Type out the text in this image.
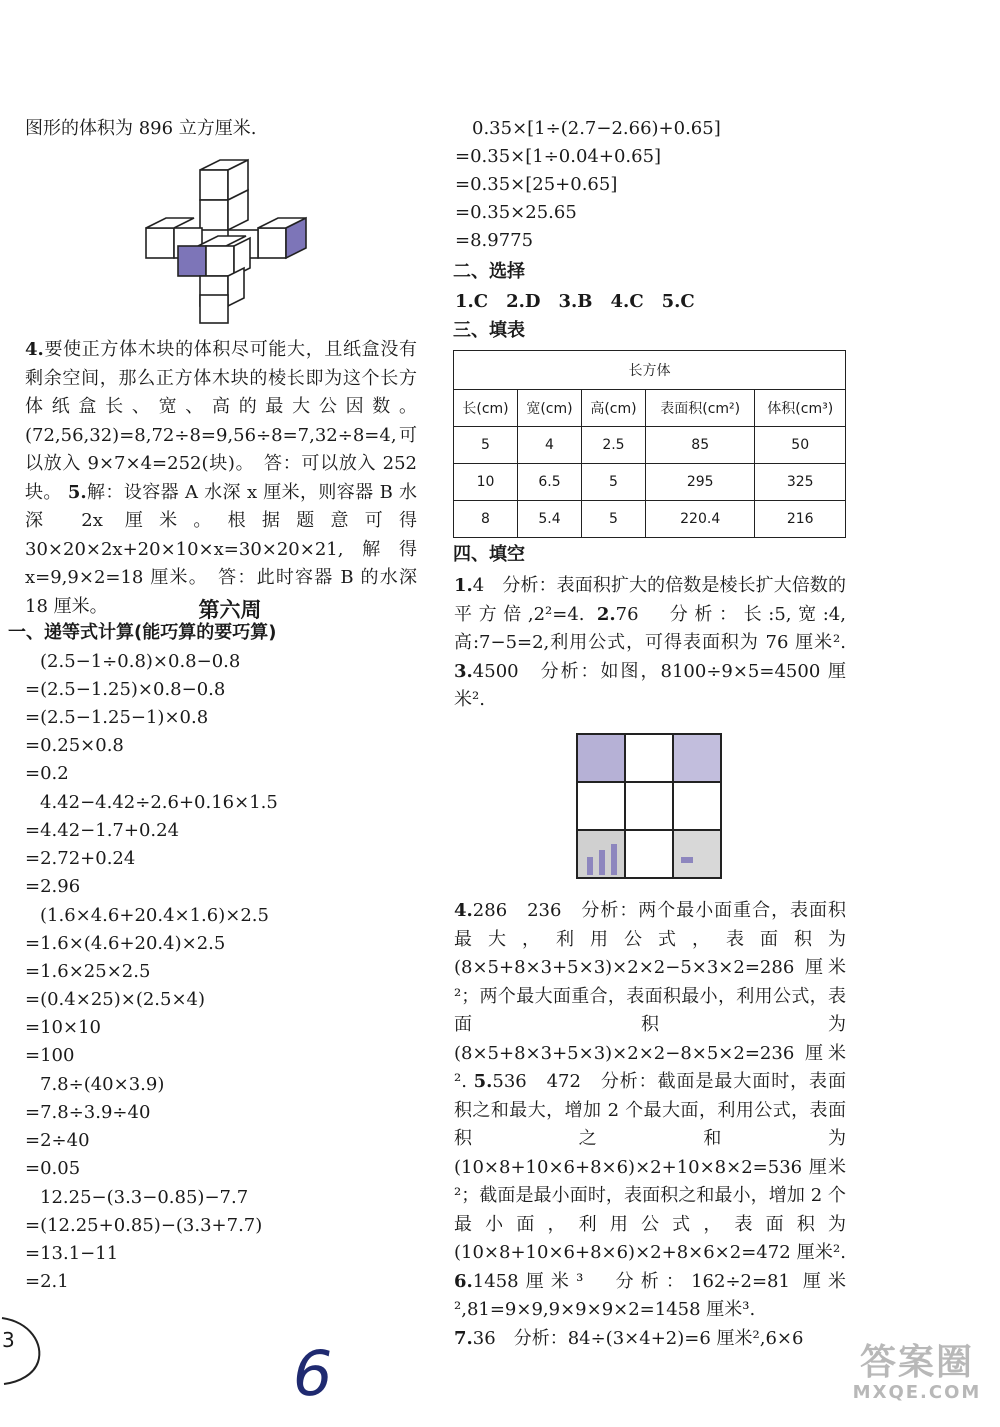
图形的体积为 896 立方厘米.
4.要使正方体木块的体积尽可能大，且纸盒没有剩余空间，那么正方体木块的棱长即为这个长方体纸盒长、宽、高的最大公因数。(72,56,32)=8,72÷8=9,56÷8=7,32÷8=4,可以放入 9×7×4=252(块)。　答：可以放入 252 块。 5.解：设容器 A 水深 x 厘米，则容器 B 水深 2x 厘米。根据题意可得 30×20×2x+20×10×x=30×20×21,解得 x=9,9×2=18 厘米。　答：此时容器 B 的水深 18 厘米。	第六周
一、递等式计算(能巧算的要巧算)
(2.5−1÷0.8)×0.8−0.8
=(2.5−1.25)×0.8−0.8
=(2.5−1.25−1)×0.8
=0.25×0.8
=0.2
4.42−4.42÷2.6+0.16×1.5
=4.42−1.7+0.24
=2.72+0.24
=2.96
(1.6×4.6+20.4×1.6)×2.5
=1.6×(4.6+20.4)×2.5
=1.6×25×2.5
=(0.4×25)×(2.5×4)
=10×10
=100
7.8÷(40×3.9)
=7.8÷3.9÷40
=2÷40
=0.05
12.25−(3.3−0.85)−7.7
=(12.25+0.85)−(3.3+7.7)
=13.1−11
=2.1
0.35×[1÷(2.7−2.66)+0.65]
=0.35×[1÷0.04+0.65]
=0.35×[25+0.65]
=0.35×25.65
=8.9775
二、选择
1.C　2.D　3.B　4.C　5.C
三、填表
长方体				
长(cm)	宽(cm)	高(cm)	表面积(cm²)	体积(cm³)
5	4	2.5	85	50
10	6.5	5	295	325
8	5.4	5	220.4	216
四、填空
1.4　分析：表面积扩大的倍数是棱长扩大倍数的平方倍,2²=4. 2.76　分析：长:5,宽:4,高:7−5=2,利用公式，可得表面积为 76 厘米². 3.4500　分析：如图，8100÷9×5=4500 厘米².
4.286　236　分析：两个最小面重合，表面积最大，利用公式，表面积为(8×5+8×3+5×3)×2×2−5×3×2=286 厘米²；两个最大面重合，表面积最小，利用公式，表面积为(8×5+8×3+5×3)×2×2−8×5×2=236 厘米². 5.536　472　分析：截面是最大面时，表面积之和最大，增加 2 个最大面，利用公式，表面积之和为(10×8+10×6+8×6)×2+10×8×2=536 厘米²；截面是最小面时，表面积之和最小，增加 2 个最小面，利用公式，表面积为(10×8+10×6+8×6)×2+8×6×2=472 厘米². 6.1458厘米³　分析：162÷2=81 厘米²,81=9×9,9×9×9×2=1458 厘米³.
7.36　分析：84÷(3×4+2)=6 厘米²,6×6
3	6	答案圈
MXQE.COM
